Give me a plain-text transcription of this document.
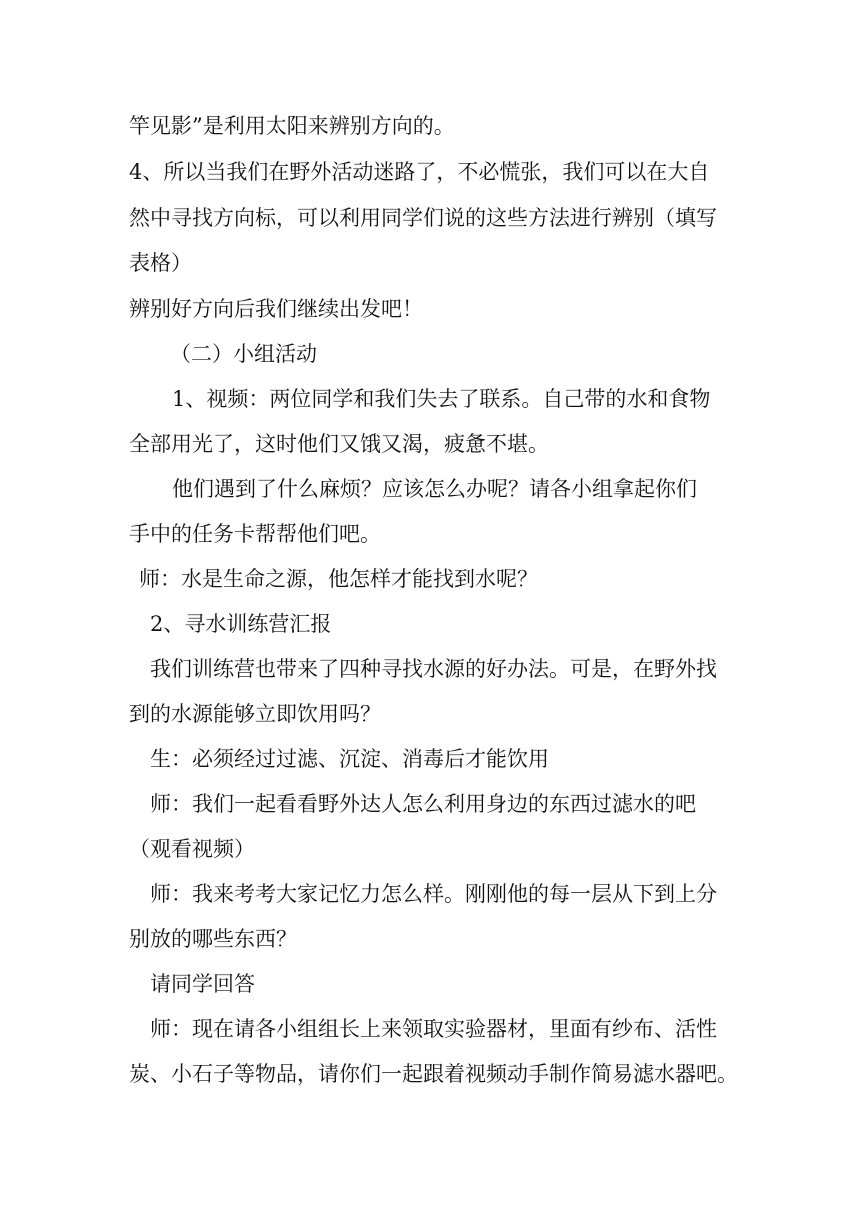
竿见影”是利用太阳来辨别方向的。
4、所以当我们在野外活动迷路了，不必慌张，我们可以在大自
然中寻找方向标，可以利用同学们说的这些方法进行辨别（填写
表格）
辨别好方向后我们继续出发吧！
（二）小组活动
1、视频：两位同学和我们失去了联系。自己带的水和食物
全部用光了，这时他们又饿又渴，疲惫不堪。
他们遇到了什么麻烦？应该怎么办呢？请各小组拿起你们
手中的任务卡帮帮他们吧。
师：水是生命之源，他怎样才能找到水呢？
2、寻水训练营汇报
我们训练营也带来了四种寻找水源的好办法。可是，在野外找
到的水源能够立即饮用吗？
生：必须经过过滤、沉淀、消毒后才能饮用
师：我们一起看看野外达人怎么利用身边的东西过滤水的吧
（观看视频）
师：我来考考大家记忆力怎么样。刚刚他的每一层从下到上分
别放的哪些东西？
请同学回答
师：现在请各小组组长上来领取实验器材，里面有纱布、活性
炭、小石子等物品，请你们一起跟着视频动手制作简易滤水器吧。
